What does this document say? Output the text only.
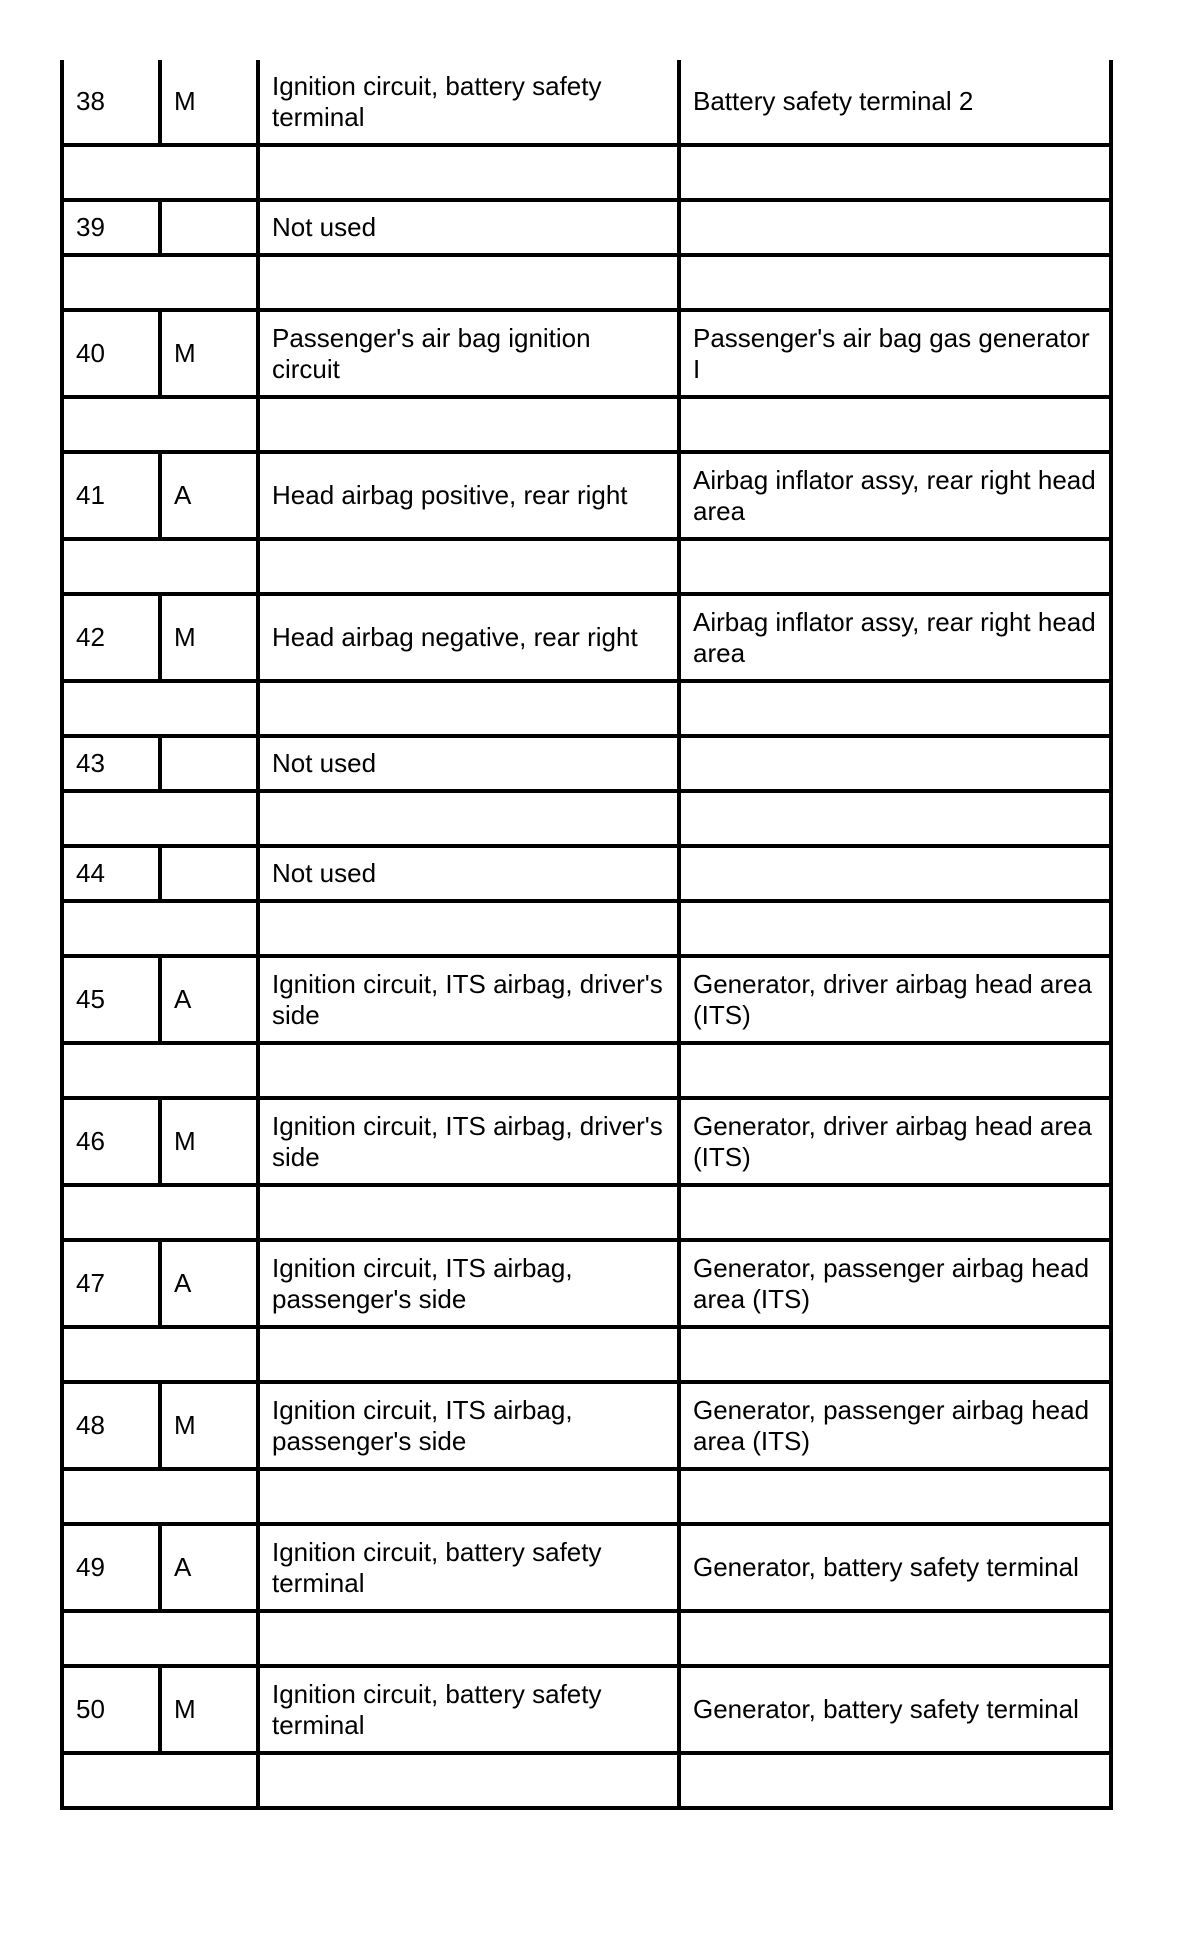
38	M	Ignition circuit, battery safety terminal	Battery safety terminal 2

39		Not used	

40	M	Passenger's air bag ignition circuit	Passenger's air bag gas generator I

41	A	Head airbag positive, rear right	Airbag inflator assy, rear right head area

42	M	Head airbag negative, rear right	Airbag inflator assy, rear right head area

43		Not used	

44		Not used	

45	A	Ignition circuit, ITS airbag, driver's side	Generator, driver airbag head area (ITS)

46	M	Ignition circuit, ITS airbag, driver's side	Generator, driver airbag head area (ITS)

47	A	Ignition circuit, ITS airbag, passenger's side	Generator, passenger airbag head area (ITS)

48	M	Ignition circuit, ITS airbag, passenger's side	Generator, passenger airbag head area (ITS)

49	A	Ignition circuit, battery safety terminal	Generator, battery safety terminal

50	M	Ignition circuit, battery safety terminal	Generator, battery safety terminal
